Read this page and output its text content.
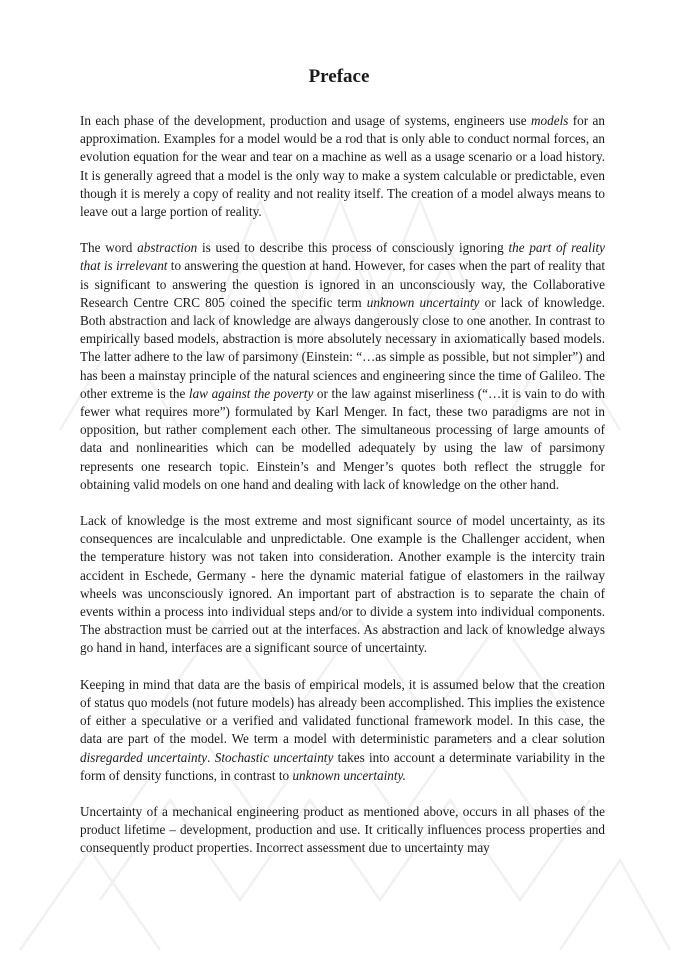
Preface

In each phase of the development, production and usage of systems, engineers use models for an approximation. Examples for a model would be a rod that is only able to conduct normal forces, an evolution equation for the wear and tear on a machine as well as a usage scenario or a load history. It is generally agreed that a model is the only way to make a system calculable or predictable, even though it is merely a copy of reality and not reality itself. The creation of a model always means to leave out a large portion of reality.

The word abstraction is used to describe this process of consciously ignoring the part of reality that is irrelevant to answering the question at hand. However, for cases when the part of reality that is significant to answering the question is ignored in an unconsciously way, the Collaborative Research Centre CRC 805 coined the specific term unknown uncertainty or lack of knowledge. Both abstraction and lack of knowledge are always dangerously close to one another. In contrast to empirically based models, abstraction is more absolutely necessary in axiomatically based models. The latter adhere to the law of parsimony (Einstein: “…as simple as possible, but not simpler”) and has been a mainstay principle of the natural sciences and engineering since the time of Galileo. The other extreme is the law against the poverty or the law against miserliness (“…it is vain to do with fewer what requires more”) formulated by Karl Menger. In fact, these two paradigms are not in opposition, but rather complement each other. The simultaneous processing of large amounts of data and nonlinearities which can be modelled adequately by using the law of parsimony represents one research topic. Einstein’s and Menger’s quotes both reflect the struggle for obtaining valid models on one hand and dealing with lack of knowledge on the other hand.

Lack of knowledge is the most extreme and most significant source of model uncertainty, as its consequences are incalculable and unpredictable. One example is the Challenger accident, when the temperature history was not taken into consideration. Another example is the intercity train accident in Eschede, Germany - here the dynamic material fatigue of elastomers in the railway wheels was unconsciously ignored. An important part of abstraction is to separate the chain of events within a process into individual steps and/or to divide a system into individual components. The abstraction must be carried out at the interfaces. As abstraction and lack of knowledge always go hand in hand, interfaces are a significant source of uncertainty.

Keeping in mind that data are the basis of empirical models, it is assumed below that the creation of status quo models (not future models) has already been accomplished. This implies the existence of either a speculative or a verified and validated functional framework model. In this case, the data are part of the model. We term a model with deterministic parameters and a clear solution disregarded uncertainty. Stochastic uncertainty takes into account a determinate variability in the form of density functions, in contrast to unknown uncertainty.

Uncertainty of a mechanical engineering product as mentioned above, occurs in all phases of the product lifetime – development, production and use. It critically influences process properties and consequently product properties. Incorrect assessment due to uncertainty may
